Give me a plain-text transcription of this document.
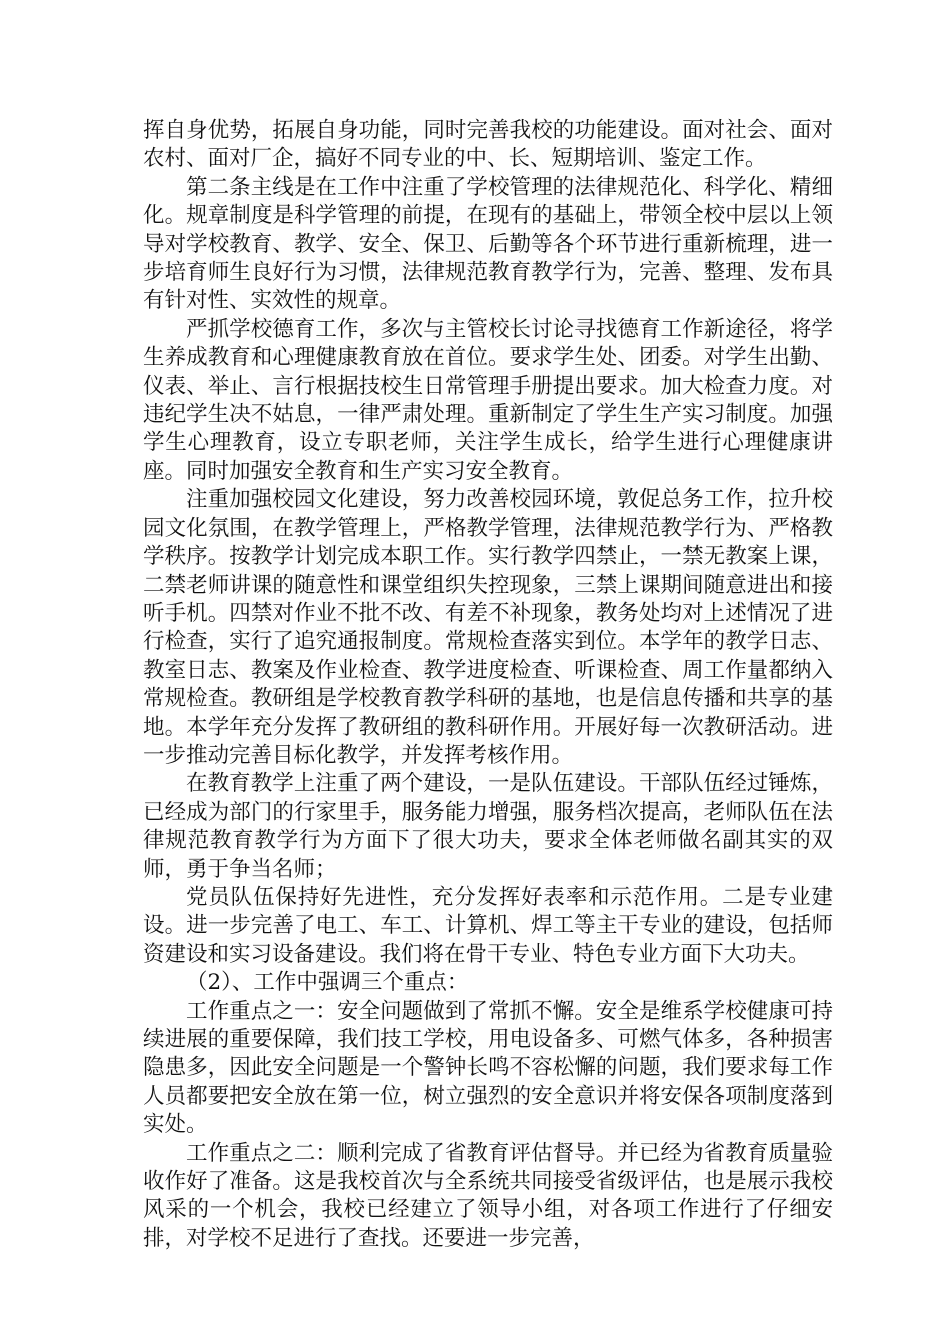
挥自身优势，拓展自身功能，同时完善我校的功能建设。面对社会、面对农村、面对厂企，搞好不同专业的中、长、短期培训、鉴定工作。

第二条主线是在工作中注重了学校管理的法律规范化、科学化、精细化。规章制度是科学管理的前提，在现有的基础上，带领全校中层以上领导对学校教育、教学、安全、保卫、后勤等各个环节进行重新梳理，进一步培育师生良好行为习惯，法律规范教育教学行为，完善、整理、发布具有针对性、实效性的规章。

严抓学校德育工作，多次与主管校长讨论寻找德育工作新途径，将学生养成教育和心理健康教育放在首位。要求学生处、团委。对学生出勤、仪表、举止、言行根据技校生日常管理手册提出要求。加大检查力度。对违纪学生决不姑息，一律严肃处理。重新制定了学生生产实习制度。加强学生心理教育，设立专职老师，关注学生成长，给学生进行心理健康讲座。同时加强安全教育和生产实习安全教育。

注重加强校园文化建设，努力改善校园环境，敦促总务工作，拉升校园文化氛围，在教学管理上，严格教学管理，法律规范教学行为、严格教学秩序。按教学计划完成本职工作。实行教学四禁止，一禁无教案上课，二禁老师讲课的随意性和课堂组织失控现象，三禁上课期间随意进出和接听手机。四禁对作业不批不改、有差不补现象，教务处均对上述情况了进行检查，实行了追究通报制度。常规检查落实到位。本学年的教学日志、教室日志、教案及作业检查、教学进度检查、听课检查、周工作量都纳入常规检查。教研组是学校教育教学科研的基地，也是信息传播和共享的基地。本学年充分发挥了教研组的教科研作用。开展好每一次教研活动。进一步推动完善目标化教学，并发挥考核作用。

在教育教学上注重了两个建设，一是队伍建设。干部队伍经过锤炼，已经成为部门的行家里手，服务能力增强，服务档次提高，老师队伍在法律规范教育教学行为方面下了很大功夫，要求全体老师做名副其实的双师，勇于争当名师；

党员队伍保持好先进性，充分发挥好表率和示范作用。二是专业建设。进一步完善了电工、车工、计算机、焊工等主干专业的建设，包括师资建设和实习设备建设。我们将在骨干专业、特色专业方面下大功夫。

（2）、工作中强调三个重点：

工作重点之一：安全问题做到了常抓不懈。安全是维系学校健康可持续进展的重要保障，我们技工学校，用电设备多、可燃气体多，各种损害隐患多，因此安全问题是一个警钟长鸣不容松懈的问题，我们要求每工作人员都要把安全放在第一位，树立强烈的安全意识并将安保各项制度落到实处。

工作重点之二：顺利完成了省教育评估督导。并已经为省教育质量验收作好了准备。这是我校首次与全系统共同接受省级评估，也是展示我校风采的一个机会，我校已经建立了领导小组，对各项工作进行了仔细安排，对学校不足进行了查找。还要进一步完善，
